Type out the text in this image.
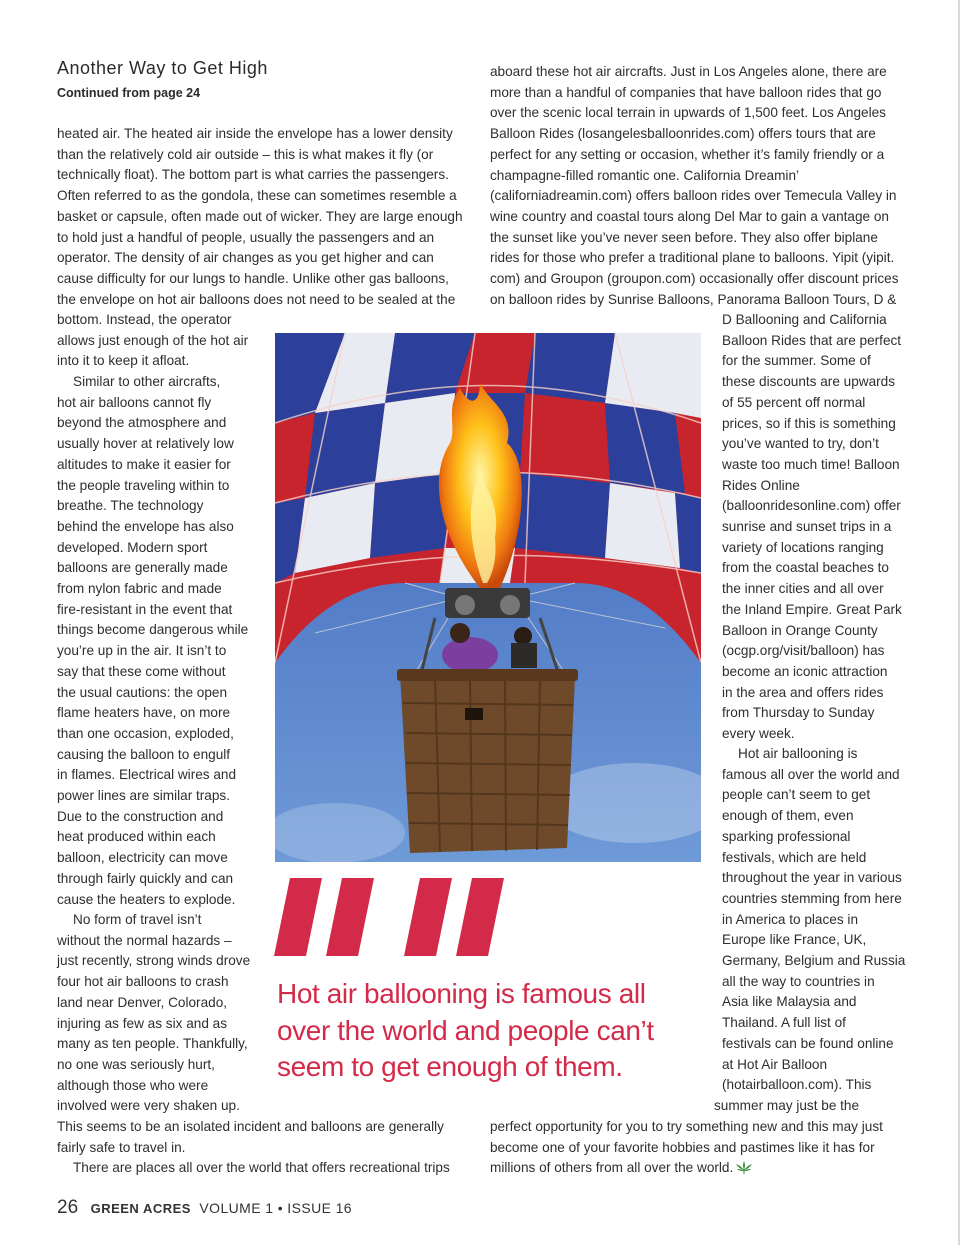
Another Way to Get High
Continued from page 24

heated air. The heated air inside the envelope has a lower density

than the relatively cold air outside – this is what makes it fly (or

technically float). The bottom part is what carries the passengers.

Often referred to as the gondola, these can sometimes resemble a

basket or capsule, often made out of wicker. They are large enough

to hold just a handful of people, usually the passengers and an

operator. The density of air changes as you get higher and can

cause difficulty for our lungs to handle. Unlike other gas balloons,

the envelope on hot air balloons does not need to be sealed at the

bottom. Instead, the operator

allows just enough of the hot air

into it to keep it afloat.

Similar to other aircrafts,

hot air balloons cannot fly

beyond the atmosphere and

usually hover at relatively low

altitudes to make it easier for

the people traveling within to

breathe. The technology

behind the envelope has also

developed. Modern sport

balloons are generally made

from nylon fabric and made

fire-resistant in the event that

things become dangerous while

you’re up in the air. It isn’t to

say that these come without

the usual cautions: the open

flame heaters have, on more

than one occasion, exploded,

causing the balloon to engulf

in flames. Electrical wires and

power lines are similar traps.

Due to the construction and

heat produced within each

balloon, electricity can move

through fairly quickly and can

cause the heaters to explode.

No form of travel isn’t

without the normal hazards –

just recently, strong winds drove

four hot air balloons to crash

land near Denver, Colorado,

injuring as few as six and as

many as ten people. Thankfully,

no one was seriously hurt,

although those who were

involved were very shaken up.

This seems to be an isolated incident and balloons are generally

fairly safe to travel in.

There are places all over the world that offers recreational trips

aboard these hot air aircrafts. Just in Los Angeles alone, there are

more than a handful of companies that have balloon rides that go

over the scenic local terrain in upwards of 1,500 feet. Los Angeles

Balloon Rides (losangelesballoonrides.com) offers tours that are

perfect for any setting or occasion, whether it’s family friendly or a

champagne-filled romantic one. California Dreamin’

(californiadreamin.com) offers balloon rides over Temecula Valley in

wine country and coastal tours along Del Mar to gain a vantage on

the sunset like you’ve never seen before. They also offer biplane

rides for those who prefer a traditional plane to balloons. Yipit (yipit.

com) and Groupon (groupon.com) occasionally offer discount prices

on balloon rides by Sunrise Balloons, Panorama Balloon Tours, D &

D Ballooning and California

Balloon Rides that are perfect

for the summer. Some of

these discounts are upwards

of 55 percent off normal

prices, so if this is something

you’ve wanted to try, don’t

waste too much time! Balloon

Rides Online

(balloonridesonline.com) offer

sunrise and sunset trips in a

variety of locations ranging

from the coastal beaches to

the inner cities and all over

the Inland Empire. Great Park

Balloon in Orange County

(ocgp.org/visit/balloon) has

become an iconic attraction

in the area and offers rides

from Thursday to Sunday

every week.

Hot air ballooning is

famous all over the world and

people can’t seem to get

enough of them, even

sparking professional

festivals, which are held

throughout the year in various

countries stemming from here

in America to places in

Europe like France, UK,

Germany, Belgium and Russia

all the way to countries in

Asia like Malaysia and

Thailand. A full list of

festivals can be found online

at Hot Air Balloon

(hotairballoon.com). This

summer may just be the

perfect opportunity for you to try something new and this may just

become one of your favorite hobbies and pastimes like it has for

millions of others from all over the world.

Hot air ballooning is famous all
over the world and people can’t
seem to get enough of them.
26 GREEN ACRES VOLUME 1 • ISSUE 16
